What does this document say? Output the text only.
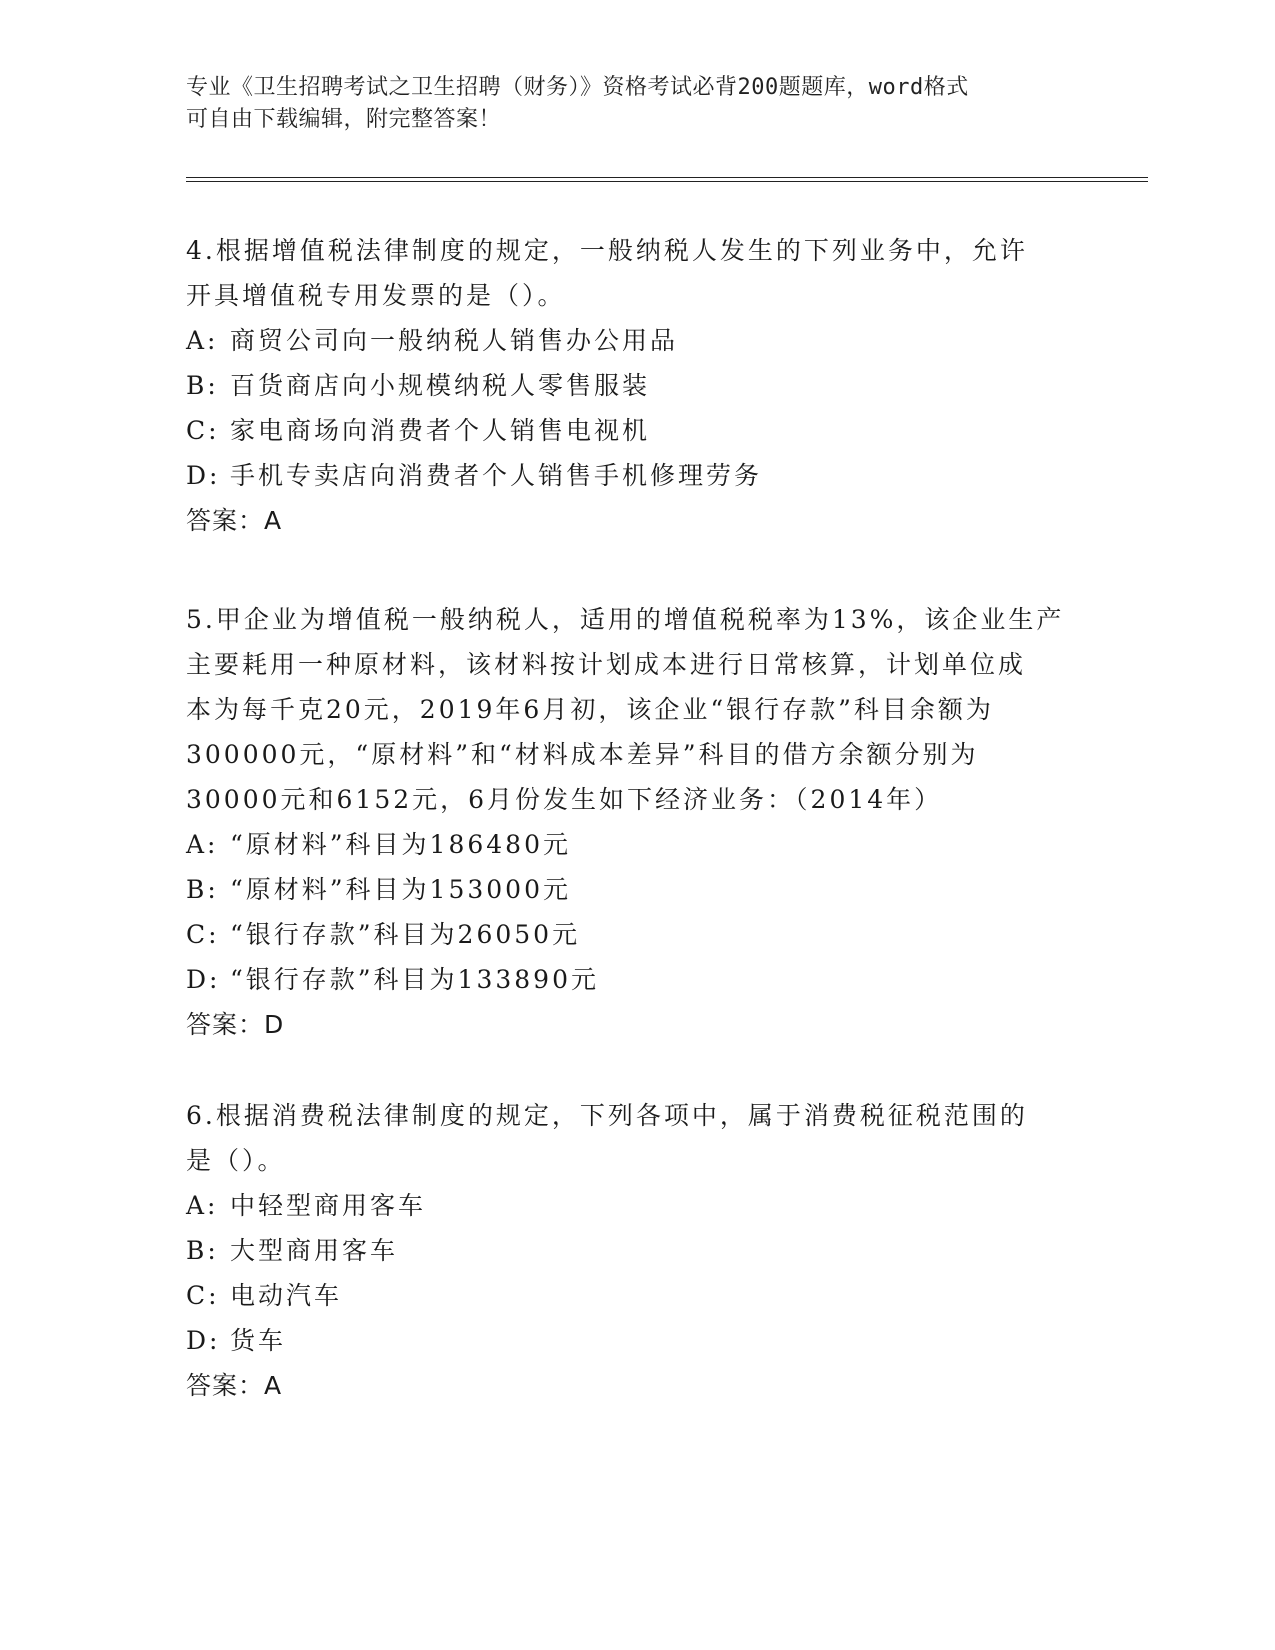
专业《卫生招聘考试之卫生招聘（财务）》资格考试必背200题题库，word格式
可自由下载编辑，附完整答案！

4.根据增值税法律制度的规定，一般纳税人发生的下列业务中，允许

开具增值税专用发票的是（）。

A: 商贸公司向一般纳税人销售办公用品

B: 百货商店向小规模纳税人零售服装

C: 家电商场向消费者个人销售电视机

D: 手机专卖店向消费者个人销售手机修理劳务

答案：A

5.甲企业为增值税一般纳税人，适用的增值税税率为13%，该企业生产

主要耗用一种原材料，该材料按计划成本进行日常核算，计划单位成

本为每千克20元，2019年6月初，该企业“银行存款”科目余额为

300000元，“原材料”和“材料成本差异”科目的借方余额分别为

30000元和6152元，6月份发生如下经济业务：（2014年）

A: “原材料”科目为186480元

B: “原材料”科目为153000元

C: “银行存款”科目为26050元

D: “银行存款”科目为133890元

答案：D

6.根据消费税法律制度的规定，下列各项中，属于消费税征税范围的

是（）。

A: 中轻型商用客车

B: 大型商用客车

C: 电动汽车

D: 货车

答案：A
